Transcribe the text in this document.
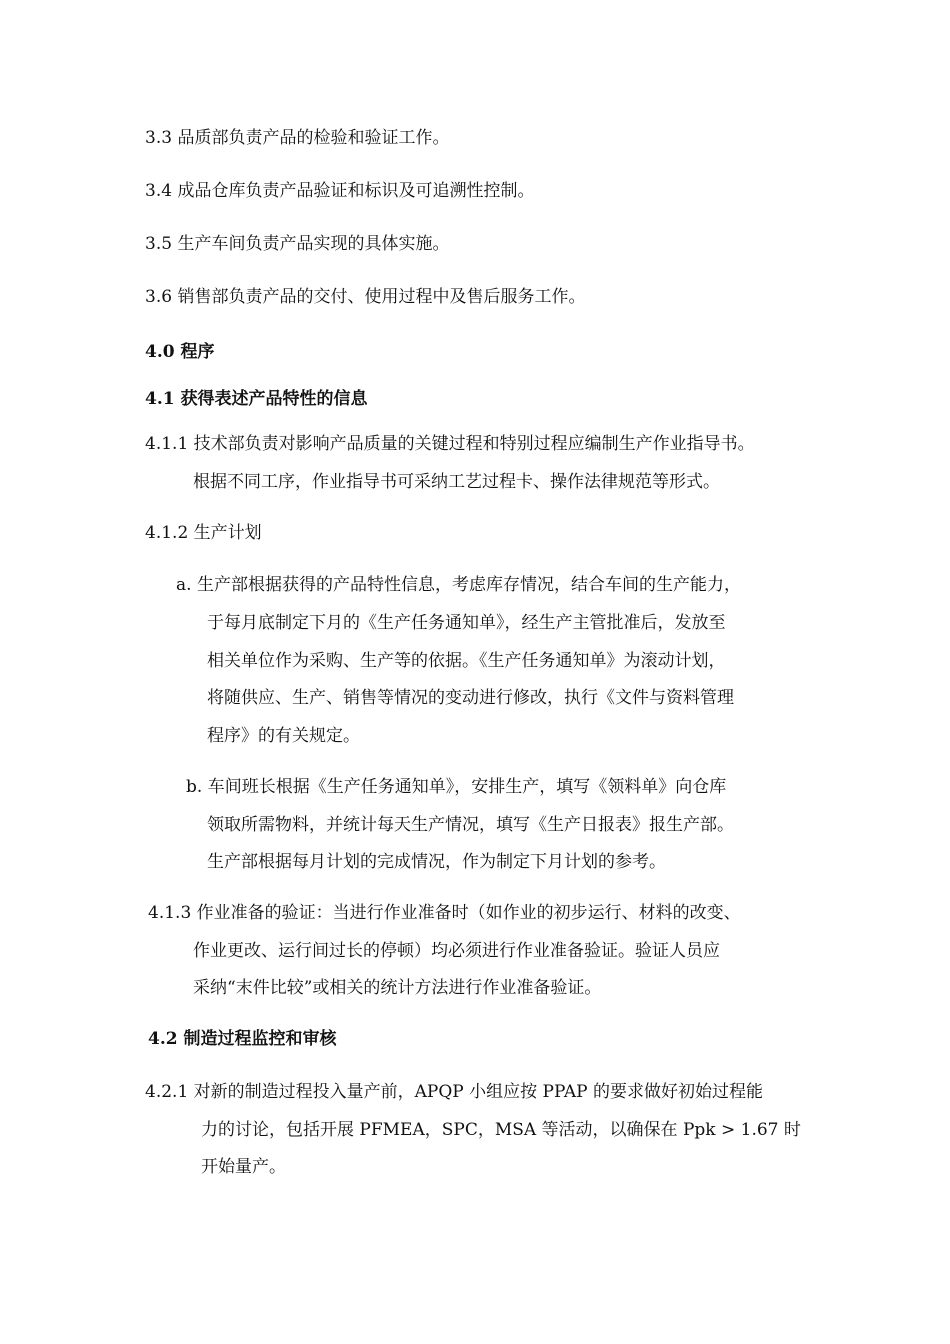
3.3 品质部负责产品的检验和验证工作。
3.4 成品仓库负责产品验证和标识及可追溯性控制。
3.5 生产车间负责产品实现的具体实施。
3.6 销售部负责产品的交付、使用过程中及售后服务工作。
4.0 程序
4.1 获得表述产品特性的信息
4.1.1 技术部负责对影响产品质量的关键过程和特别过程应编制生产作业指导书。
根据不同工序，作业指导书可采纳工艺过程卡、操作法律规范等形式。
4.1.2 生产计划
a. 生产部根据获得的产品特性信息，考虑库存情况，结合车间的生产能力，
于每月底制定下月的《生产任务通知单》，经生产主管批准后，发放至
相关单位作为采购、生产等的依据。《生产任务通知单》为滚动计划，
将随供应、生产、销售等情况的变动进行修改，执行《文件与资料管理
程序》的有关规定。
b. 车间班长根据《生产任务通知单》，安排生产，填写《领料单》向仓库
领取所需物料，并统计每天生产情况，填写《生产日报表》报生产部。
生产部根据每月计划的完成情况，作为制定下月计划的参考。
4.1.3 作业准备的验证：当进行作业准备时（如作业的初步运行、材料的改变、
作业更改、运行间过长的停顿）均必须进行作业准备验证。验证人员应
采纳“末件比较”或相关的统计方法进行作业准备验证。
4.2 制造过程监控和审核
4.2.1 对新的制造过程投入量产前，APQP 小组应按 PPAP 的要求做好初始过程能
力的讨论，包括开展 PFMEA，SPC，MSA 等活动，以确保在 Ppk > 1.67 时
开始量产。
